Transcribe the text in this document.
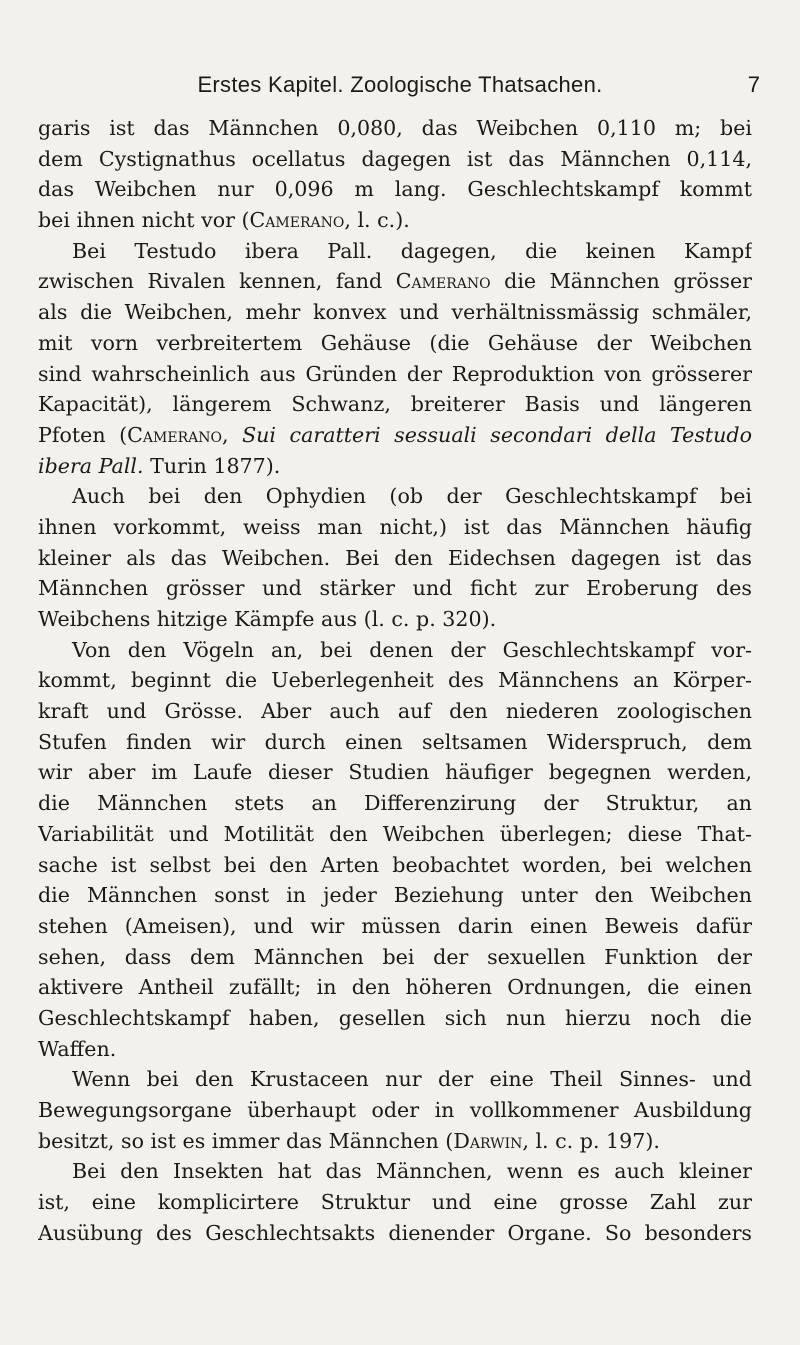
Erstes Kapitel. Zoologische Thatsachen.	7
garis ist das Männchen 0,080, das Weibchen 0,110 m; bei
dem Cystignathus ocellatus dagegen ist das Männchen 0,114,
das Weibchen nur 0,096 m lang. Geschlechtskampf kommt
bei ihnen nicht vor (Camerano, l. c.).
Bei Testudo ibera Pall. dagegen, die keinen Kampf
zwischen Rivalen kennen, fand Camerano die Männchen grösser
als die Weibchen, mehr konvex und verhältnissmässig schmäler,
mit vorn verbreitertem Gehäuse (die Gehäuse der Weibchen
sind wahrscheinlich aus Gründen der Reproduktion von grösserer
Kapacität), längerem Schwanz, breiterer Basis und längeren
Pfoten (Camerano, Sui caratteri sessuali secondari della Testudo
ibera Pall. Turin 1877).
Auch bei den Ophydien (ob der Geschlechtskampf bei
ihnen vorkommt, weiss man nicht,) ist das Männchen häufig
kleiner als das Weibchen. Bei den Eidechsen dagegen ist das
Männchen grösser und stärker und ficht zur Eroberung des
Weibchens hitzige Kämpfe aus (l. c. p. 320).
Von den Vögeln an, bei denen der Geschlechtskampf vor-
kommt, beginnt die Ueberlegenheit des Männchens an Körper-
kraft und Grösse. Aber auch auf den niederen zoologischen
Stufen finden wir durch einen seltsamen Widerspruch, dem
wir aber im Laufe dieser Studien häufiger begegnen werden,
die Männchen stets an Differenzirung der Struktur, an
Variabilität und Motilität den Weibchen überlegen; diese That-
sache ist selbst bei den Arten beobachtet worden, bei welchen
die Männchen sonst in jeder Beziehung unter den Weibchen
stehen (Ameisen), und wir müssen darin einen Beweis dafür
sehen, dass dem Männchen bei der sexuellen Funktion der
aktivere Antheil zufällt; in den höheren Ordnungen, die einen
Geschlechtskampf haben, gesellen sich nun hierzu noch die
Waffen.
Wenn bei den Krustaceen nur der eine Theil Sinnes- und
Bewegungsorgane überhaupt oder in vollkommener Ausbildung
besitzt, so ist es immer das Männchen (Darwin, l. c. p. 197).
Bei den Insekten hat das Männchen, wenn es auch kleiner
ist, eine komplicirtere Struktur und eine grosse Zahl zur
Ausübung des Geschlechtsakts dienender Organe. So besonders
